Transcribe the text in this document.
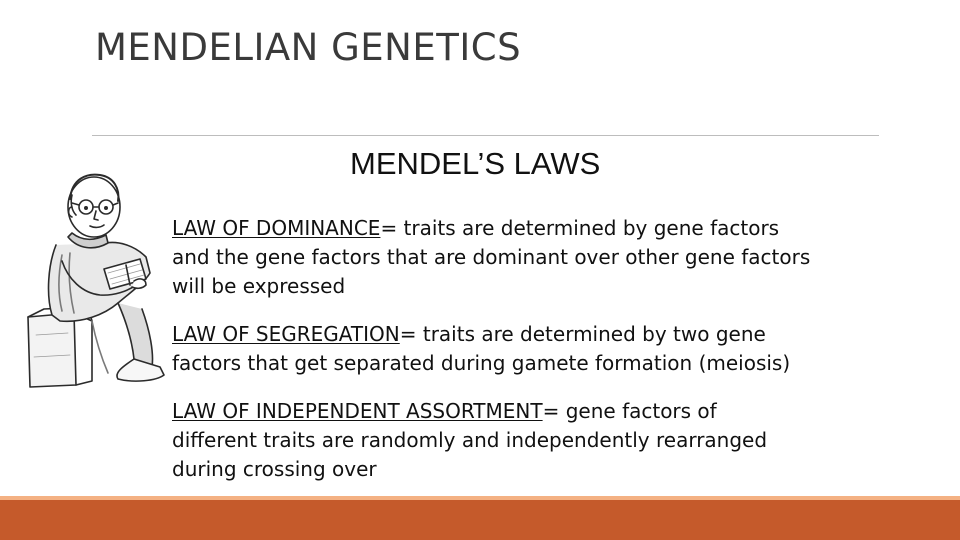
MENDELIAN GENETICS
MENDEL’S LAWS

LAW OF DOMINANCE= traits are determined by gene factors
and the gene factors that are dominant over other gene factors
will be expressed

LAW OF SEGREGATION= traits are determined by two gene
factors that get separated during gamete formation (meiosis)

LAW OF INDEPENDENT ASSORTMENT= gene factors of
different traits are randomly and independently rearranged
during crossing over
